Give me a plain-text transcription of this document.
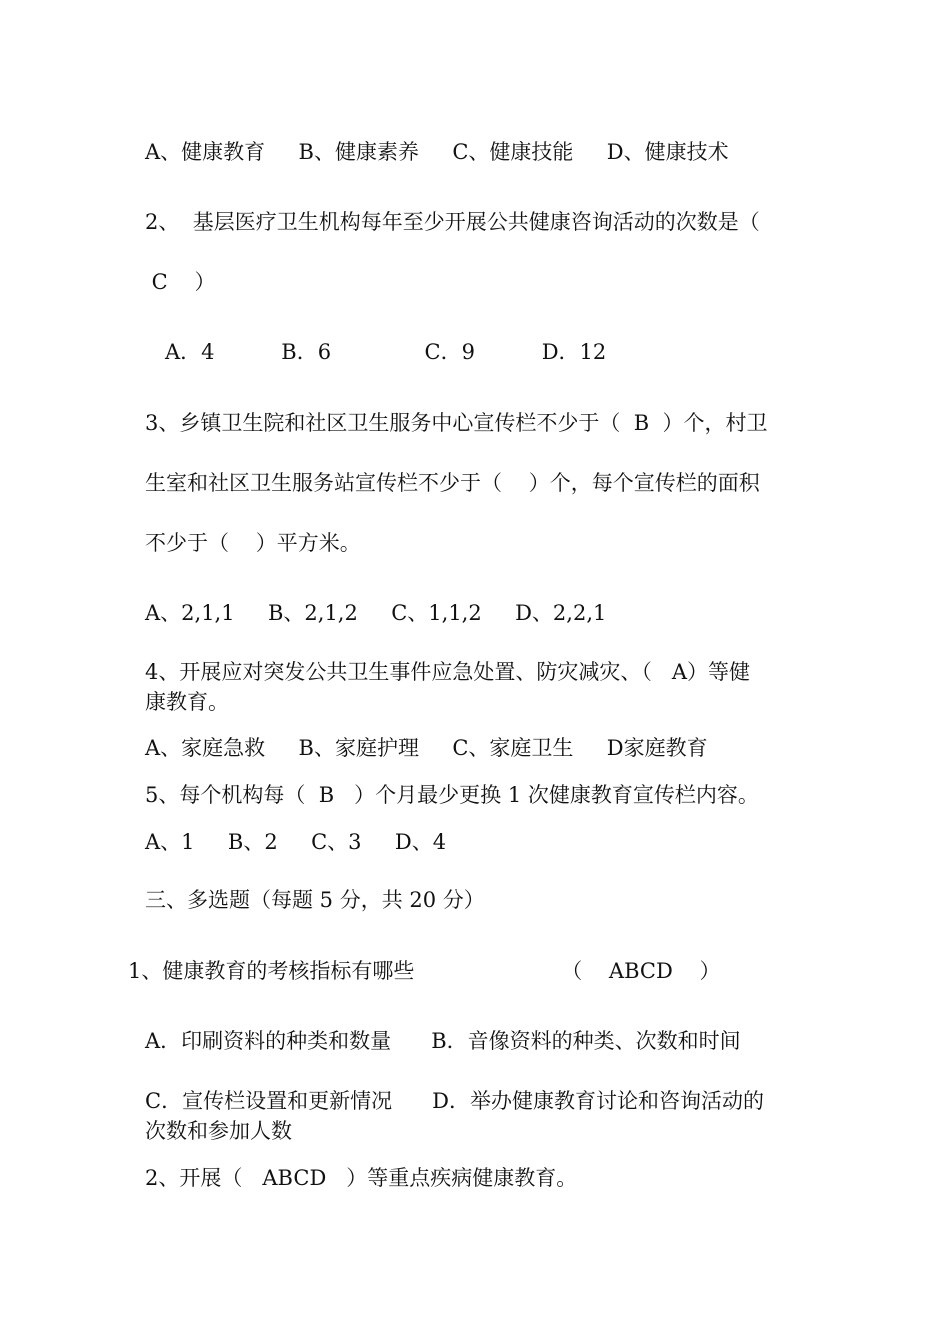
A、健康教育     B、健康素养     C、健康技能     D、健康技术
2、  基层医疗卫生机构每年至少开展公共健康咨询活动的次数是（
C    ）
A．4          B．6              C．9          D．12
3、乡镇卫生院和社区卫生服务中心宣传栏不少于（  B  ）个，村卫
生室和社区卫生服务站宣传栏不少于（    ）个，每个宣传栏的面积
不少于（    ）平方米。
A、2,1,1     B、2,1,2     C、1,1,2     D、2,2,1
4、开展应对突发公共卫生事件应急处置、防灾减灾、（   A）等健
康教育。
A、家庭急救     B、家庭护理     C、家庭卫生     D家庭教育
5、每个机构每（  B   ）个月最少更换 1 次健康教育宣传栏内容。
A、1     B、2     C、3     D、4
三、多选题（每题 5 分，共 20 分）
1、健康教育的考核指标有哪些                      （    ABCD    ）
A．印刷资料的种类和数量      B．音像资料的种类、次数和时间
C．宣传栏设置和更新情况      D．举办健康教育讨论和咨询活动的
次数和参加人数
2、开展（   ABCD   ）等重点疾病健康教育。
